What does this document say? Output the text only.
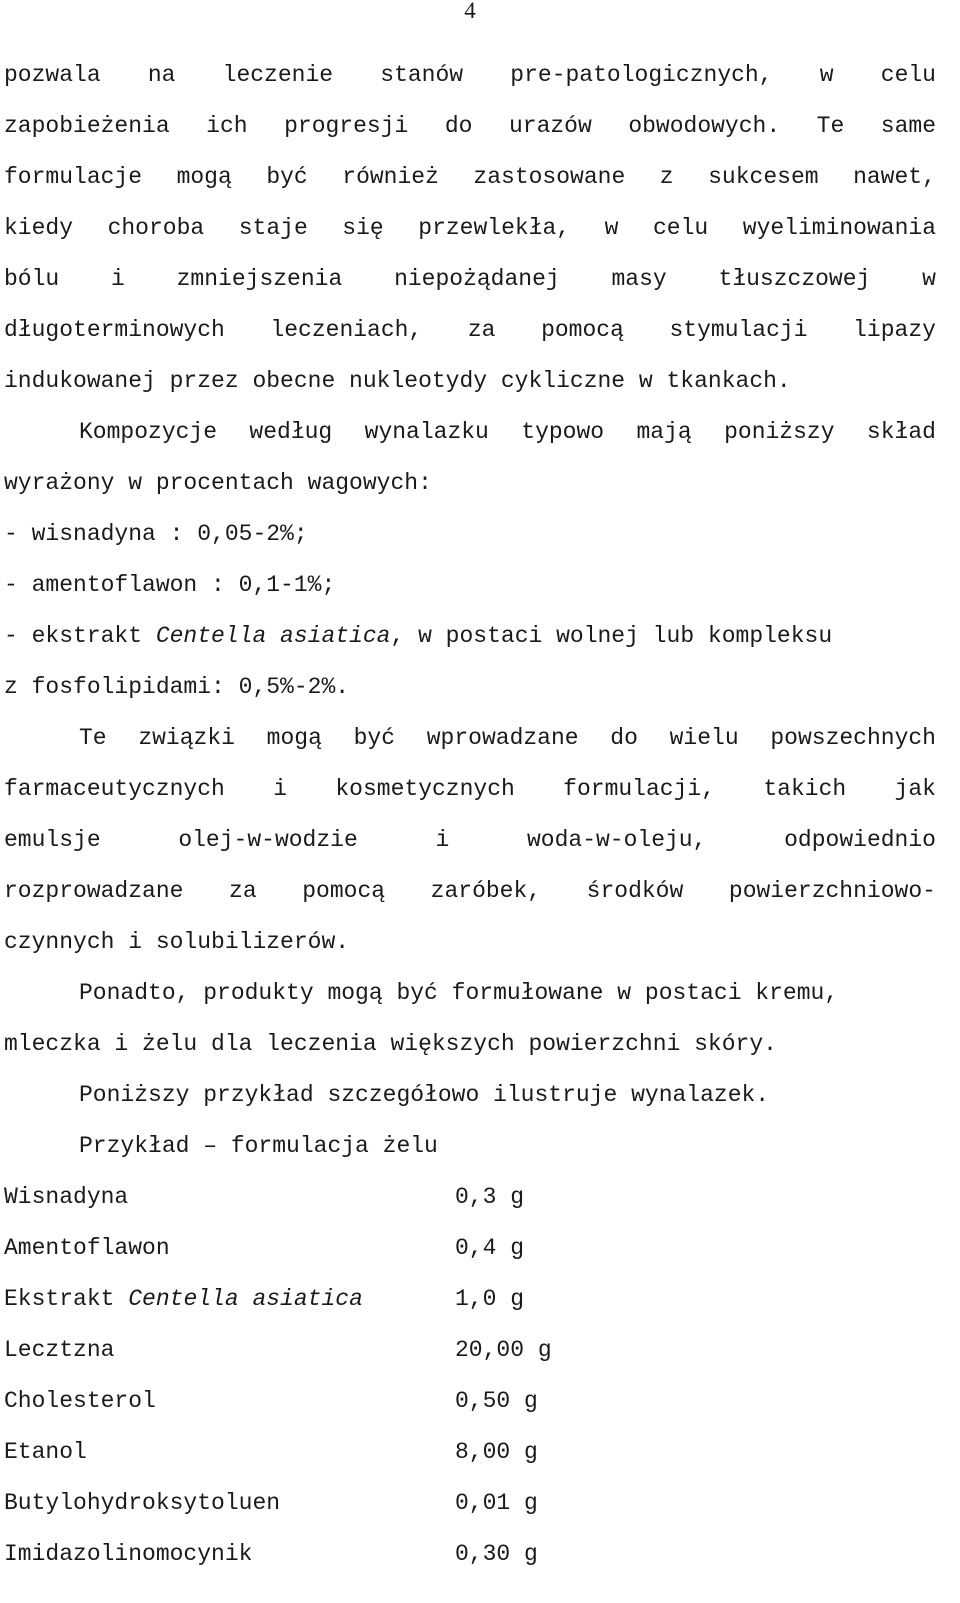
4
pozwala na leczenie stanów pre-patologicznych, w celu
zapobieżenia ich progresji do urazów obwodowych. Te same
formulacje mogą być również zastosowane z sukcesem nawet,
kiedy choroba staje się przewlekła, w celu wyeliminowania
bólu i zmniejszenia niepożądanej masy tłuszczowej w
długoterminowych leczeniach, za pomocą stymulacji lipazy
indukowanej przez obecne nukleotydy cykliczne w tkankach.
Kompozycje według wynalazku typowo mają poniższy skład
wyrażony w procentach wagowych:
- wisnadyna : 0,05-2%;
- amentoflawon : 0,1-1%;
- ekstrakt Centella asiatica, w postaci wolnej lub kompleksu
z fosfolipidami: 0,5%-2%.
Te związki mogą być wprowadzane do wielu powszechnych
farmaceutycznych i kosmetycznych formulacji, takich jak
emulsje	olej-w-wodzie	i	woda-w-oleju,	odpowiednio
rozprowadzane za pomocą zaróbek, środków powierzchniowo-
czynnych i solubilizerów.
Ponadto, produkty mogą być formułowane w postaci kremu,
mleczka i żelu dla leczenia większych powierzchni skóry.
Poniższy przykład szczegółowo ilustruje wynalazek.
Przykład – formulacja żelu
Wisnadyna	0,3 g
Amentoflawon	0,4 g
Ekstrakt Centella asiatica	1,0 g
Lecztzna	20,00 g
Cholesterol	0,50 g
Etanol	8,00 g
Butylohydroksytoluen	0,01 g
Imidazolinomocynik	0,30 g
